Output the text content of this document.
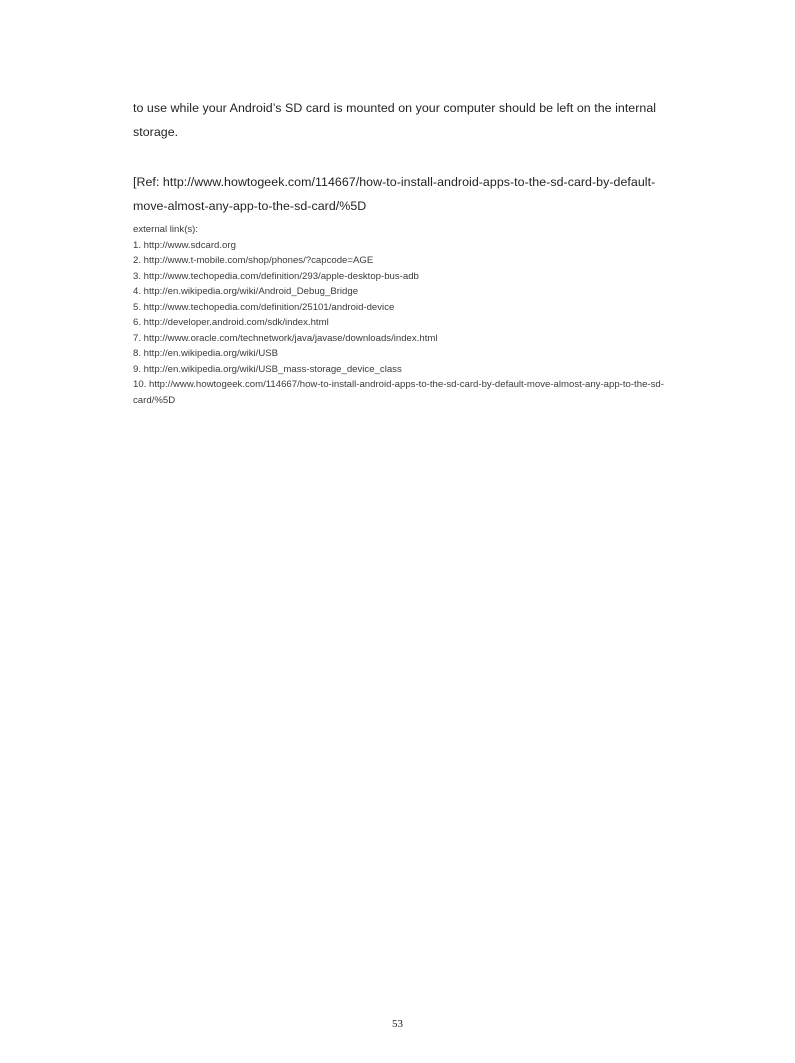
to use while your Android’s SD card is mounted on your computer should be left on the internal storage.

[Ref: http://www.howtogeek.com/114667/how-to-install-android-apps-to-the-sd-card-by-default-move-almost-any-app-to-the-sd-card/%5D

external link(s):
1. http://www.sdcard.org
2. http://www.t-mobile.com/shop/phones/?capcode=AGE
3. http://www.techopedia.com/definition/293/apple-desktop-bus-adb
4. http://en.wikipedia.org/wiki/Android_Debug_Bridge
5. http://www.techopedia.com/definition/25101/android-device
6. http://developer.android.com/sdk/index.html
7. http://www.oracle.com/technetwork/java/javase/downloads/index.html
8. http://en.wikipedia.org/wiki/USB
9. http://en.wikipedia.org/wiki/USB_mass-storage_device_class
10. http://www.howtogeek.com/114667/how-to-install-android-apps-to-the-sd-card-by-default-move-almost-any-app-to-the-sd-card/%5D
53
